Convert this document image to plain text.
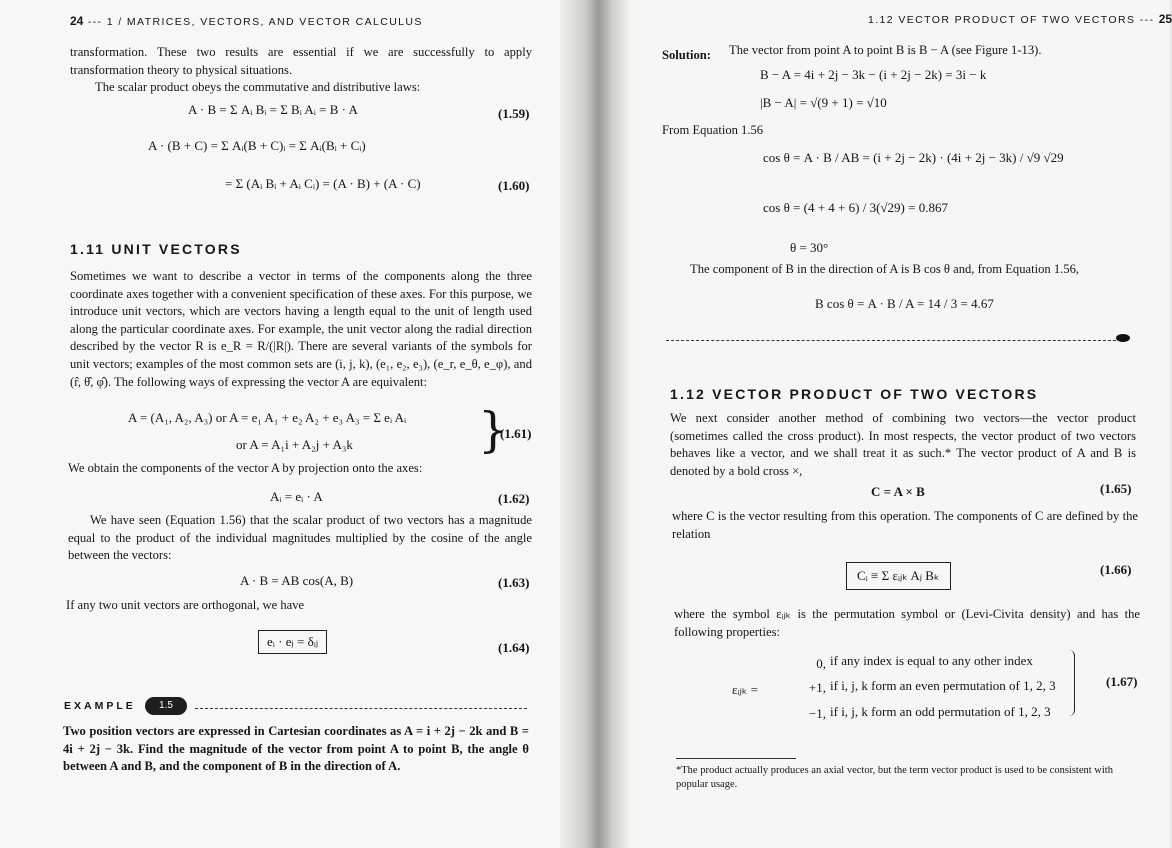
24 --- 1 / MATRICES, VECTORS, AND VECTOR CALCULUS
transformation. These two results are essential if we are successfully to apply transformation theory to physical situations.
The scalar product obeys the commutative and distributive laws:
A · B = Σ Aᵢ Bᵢ = Σ Bᵢ Aᵢ = B · A	(1.59)
A · (B + C) = Σ Aᵢ(B + C)ᵢ = Σ Aᵢ(Bᵢ + Cᵢ)
= Σ (Aᵢ Bᵢ + Aᵢ Cᵢ) = (A · B) + (A · C)	(1.60)
1.11 UNIT VECTORS
Sometimes we want to describe a vector in terms of the components along the three coordinate axes together with a convenient specification of these axes. For this purpose, we introduce unit vectors, which are vectors having a length equal to the unit of length used along the particular coordinate axes. For example, the unit vector along the radial direction described by the vector R is e_R = R/(|R|). There are several variants of the symbols for unit vectors; examples of the most common sets are (i, j, k), (e₁, e₂, e₃), (e_r, e_θ, e_φ), and (r̂, θ̂, φ̂). The following ways of expressing the vector A are equivalent:
A = (A₁, A₂, A₃) or A = e₁ A₁ + e₂ A₂ + e₃ A₃ = Σ eᵢ Aᵢ
or A = A₁i + A₂j + A₃k	}
(1.61)
We obtain the components of the vector A by projection onto the axes:
Aᵢ = eᵢ · A	(1.62)
We have seen (Equation 1.56) that the scalar product of two vectors has a magnitude equal to the product of the individual magnitudes multiplied by the cosine of the angle between the vectors:
A · B = AB cos(A, B)	(1.63)
If any two unit vectors are orthogonal, we have
eᵢ · eⱼ = δᵢⱼ	(1.64)
EXAMPLE	1.5
Two position vectors are expressed in Cartesian coordinates as A = i + 2j − 2k and B = 4i + 2j − 3k. Find the magnitude of the vector from point A to point B, the angle θ between A and B, and the component of B in the direction of A.
1.12 VECTOR PRODUCT OF TWO VECTORS --- 25
Solution: The vector from point A to point B is B − A (see Figure 1-13).
B − A = 4i + 2j − 3k − (i + 2j − 2k) = 3i − k
|B − A| = √(9 + 1) = √10
From Equation 1.56
cos θ = A · B / AB = (i + 2j − 2k) · (4i + 2j − 3k) / √9 √29
cos θ = (4 + 4 + 6) / 3(√29) = 0.867
θ = 30°
The component of B in the direction of A is B cos θ and, from Equation 1.56,
B cos θ = A · B / A = 14 / 3 = 4.67
1.12 VECTOR PRODUCT OF TWO VECTORS
We next consider another method of combining two vectors—the vector product (sometimes called the cross product). In most respects, the vector product of two vectors behaves like a vector, and we shall treat it as such.* The vector product of A and B is denoted by a bold cross ×,
C = A × B	(1.65)
where C is the vector resulting from this operation. The components of C are defined by the relation
Cᵢ ≡ Σ εᵢⱼₖ Aⱼ Bₖ	(1.66)
where the symbol εᵢⱼₖ is the permutation symbol or (Levi-Civita density) and has the following properties:
εᵢⱼₖ =
0, if any index is equal to any other index
+1, if i, j, k form an even permutation of 1, 2, 3
−1, if i, j, k form an odd permutation of 1, 2, 3
(1.67)
*The product actually produces an axial vector, but the term vector product is used to be consistent with popular usage.
